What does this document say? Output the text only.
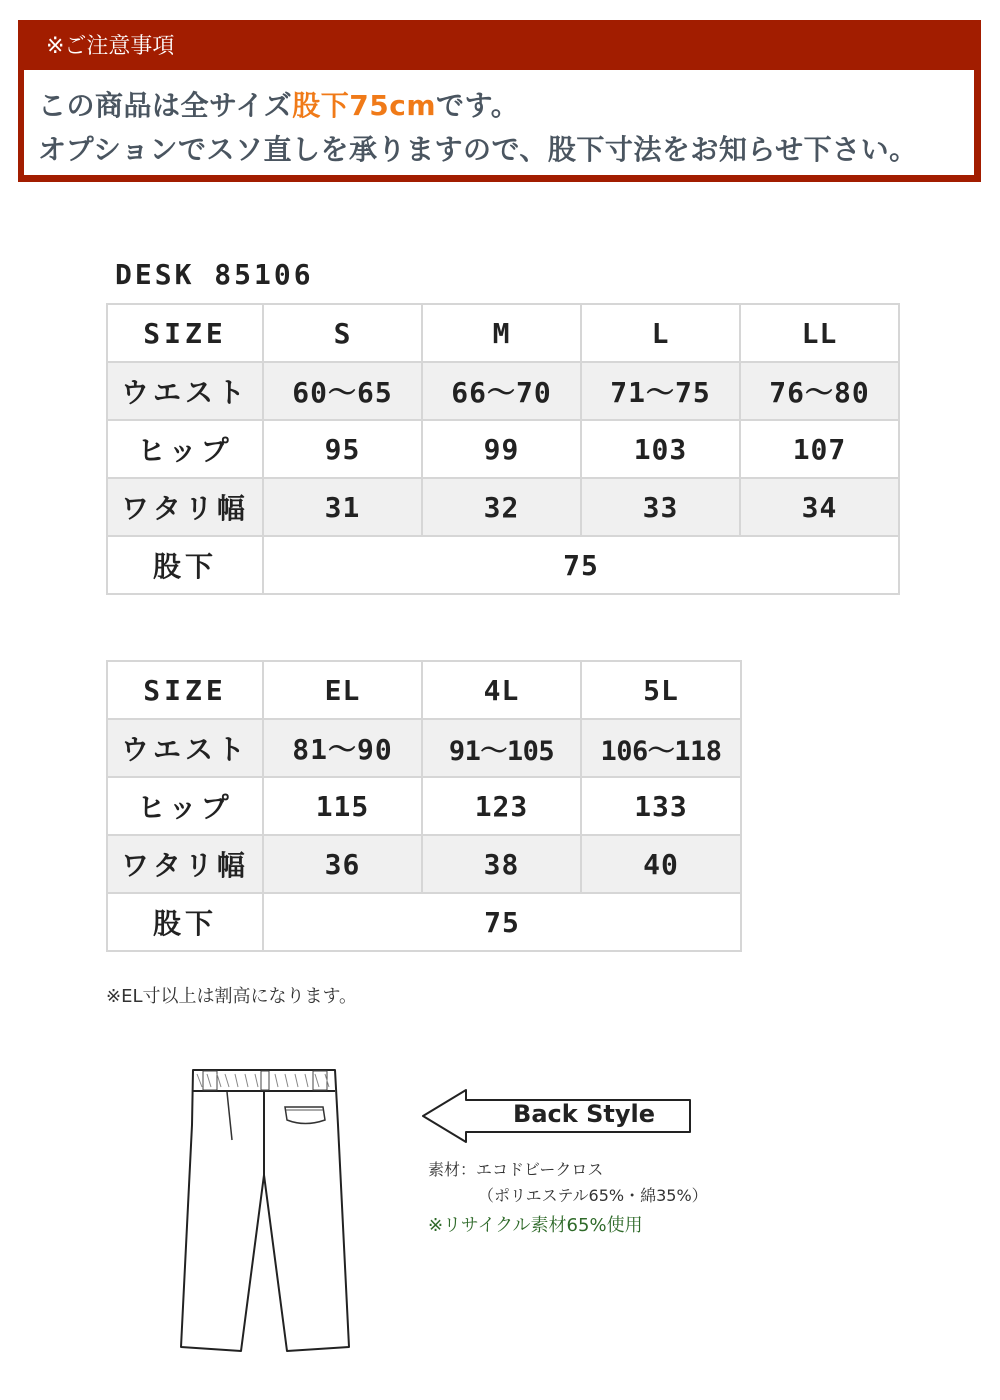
※ご注意事項
この商品は全サイズ股下75cmです。
オプションでスソ直しを承りますので、股下寸法をお知らせ下さい。
DESK 85106
SIZE	S	M	L	LL
ウエスト	60～65	66～70	71～75	76～80
ヒップ	95	99	103	107
ワタリ幅	31	32	33	34
股下	75			
SIZE	EL	4L	5L
ウエスト	81～90	91～105	106～118
ヒップ	115	123	133
ワタリ幅	36	38	40
股下	75		
※EL寸以上は割高になります。
Back Style
素材：エコドビークロス
（ポリエステル65%・綿35%）
※リサイクル素材65%使用
